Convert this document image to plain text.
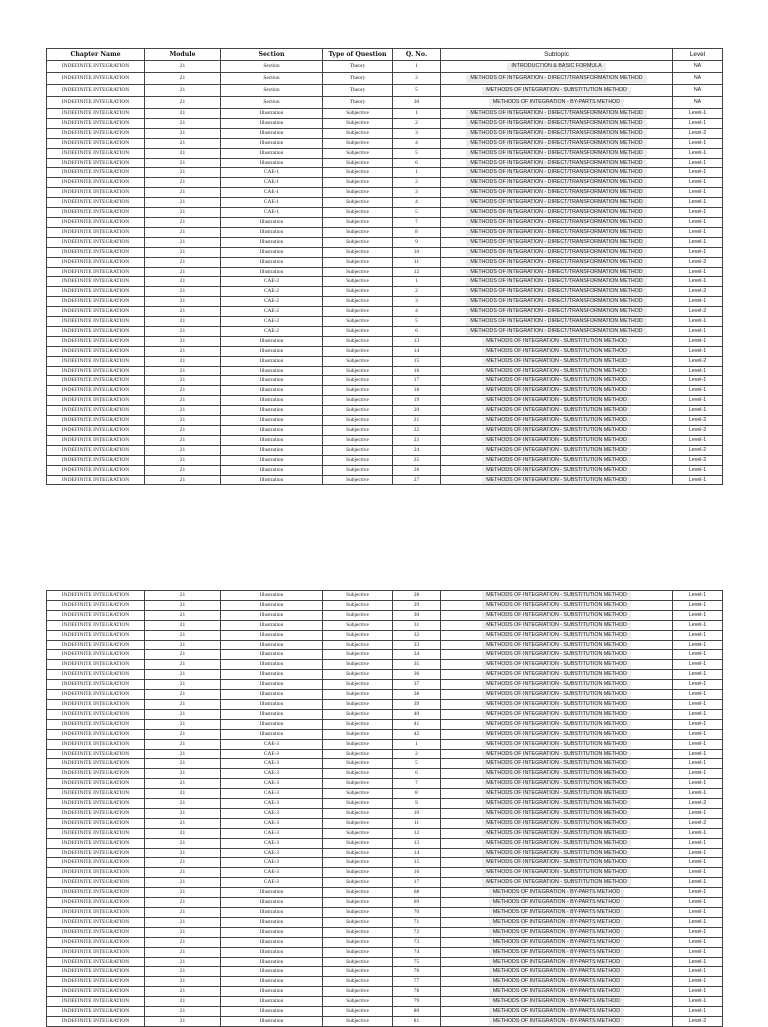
Chapter Name	Module	Section	Type of Question	Q. No.	Subtopic	Level
INDEFINITE INTEGRATION	21	Section	Theory	1	INTRODUCTION & BASIC FORMULA	NA
INDEFINITE INTEGRATION	21	Section	Theory	2	METHODS OF INTEGRATION - DIRECT/TRANSFORMATION METHOD	NA
INDEFINITE INTEGRATION	21	Section	Theory	5	METHODS OF INTEGRATION - SUBSTITUTION METHOD	NA
INDEFINITE INTEGRATION	21	Section	Theory	30	METHODS OF INTEGRATION - BY-PARTS METHOD	NA
INDEFINITE INTEGRATION	21	Illustration	Subjective	1	METHODS OF INTEGRATION - DIRECT/TRANSFORMATION METHOD	Level-1
INDEFINITE INTEGRATION	21	Illustration	Subjective	2	METHODS OF INTEGRATION - DIRECT/TRANSFORMATION METHOD	Level-1
INDEFINITE INTEGRATION	21	Illustration	Subjective	3	METHODS OF INTEGRATION - DIRECT/TRANSFORMATION METHOD	Level-2
INDEFINITE INTEGRATION	21	Illustration	Subjective	4	METHODS OF INTEGRATION - DIRECT/TRANSFORMATION METHOD	Level-1
INDEFINITE INTEGRATION	21	Illustration	Subjective	5	METHODS OF INTEGRATION - DIRECT/TRANSFORMATION METHOD	Level-1
INDEFINITE INTEGRATION	21	Illustration	Subjective	6	METHODS OF INTEGRATION - DIRECT/TRANSFORMATION METHOD	Level-1
INDEFINITE INTEGRATION	21	CAE-1	Subjective	1	METHODS OF INTEGRATION - DIRECT/TRANSFORMATION METHOD	Level-1
INDEFINITE INTEGRATION	21	CAE-1	Subjective	2	METHODS OF INTEGRATION - DIRECT/TRANSFORMATION METHOD	Level-1
INDEFINITE INTEGRATION	21	CAE-1	Subjective	3	METHODS OF INTEGRATION - DIRECT/TRANSFORMATION METHOD	Level-1
INDEFINITE INTEGRATION	21	CAE-1	Subjective	4	METHODS OF INTEGRATION - DIRECT/TRANSFORMATION METHOD	Level-1
INDEFINITE INTEGRATION	21	CAE-1	Subjective	5	METHODS OF INTEGRATION - DIRECT/TRANSFORMATION METHOD	Level-1
INDEFINITE INTEGRATION	21	Illustration	Subjective	7	METHODS OF INTEGRATION - DIRECT/TRANSFORMATION METHOD	Level-1
INDEFINITE INTEGRATION	21	Illustration	Subjective	8	METHODS OF INTEGRATION - DIRECT/TRANSFORMATION METHOD	Level-1
INDEFINITE INTEGRATION	21	Illustration	Subjective	9	METHODS OF INTEGRATION - DIRECT/TRANSFORMATION METHOD	Level-1
INDEFINITE INTEGRATION	21	Illustration	Subjective	10	METHODS OF INTEGRATION - DIRECT/TRANSFORMATION METHOD	Level-1
INDEFINITE INTEGRATION	21	Illustration	Subjective	11	METHODS OF INTEGRATION - DIRECT/TRANSFORMATION METHOD	Level-2
INDEFINITE INTEGRATION	21	Illustration	Subjective	12	METHODS OF INTEGRATION - DIRECT/TRANSFORMATION METHOD	Level-1
INDEFINITE INTEGRATION	21	CAE-2	Subjective	1	METHODS OF INTEGRATION - DIRECT/TRANSFORMATION METHOD	Level-1
INDEFINITE INTEGRATION	21	CAE-2	Subjective	2	METHODS OF INTEGRATION - DIRECT/TRANSFORMATION METHOD	Level-2
INDEFINITE INTEGRATION	21	CAE-2	Subjective	3	METHODS OF INTEGRATION - DIRECT/TRANSFORMATION METHOD	Level-1
INDEFINITE INTEGRATION	21	CAE-2	Subjective	4	METHODS OF INTEGRATION - DIRECT/TRANSFORMATION METHOD	Level-2
INDEFINITE INTEGRATION	21	CAE-2	Subjective	5	METHODS OF INTEGRATION - DIRECT/TRANSFORMATION METHOD	Level-1
INDEFINITE INTEGRATION	21	CAE-2	Subjective	6	METHODS OF INTEGRATION - DIRECT/TRANSFORMATION METHOD	Level-1
INDEFINITE INTEGRATION	21	Illustration	Subjective	13	METHODS OF INTEGRATION - SUBSTITUTION METHOD	Level-1
INDEFINITE INTEGRATION	21	Illustration	Subjective	14	METHODS OF INTEGRATION - SUBSTITUTION METHOD	Level-1
INDEFINITE INTEGRATION	21	Illustration	Subjective	15	METHODS OF INTEGRATION - SUBSTITUTION METHOD	Level-2
INDEFINITE INTEGRATION	21	Illustration	Subjective	16	METHODS OF INTEGRATION - SUBSTITUTION METHOD	Level-1
INDEFINITE INTEGRATION	21	Illustration	Subjective	17	METHODS OF INTEGRATION - SUBSTITUTION METHOD	Level-1
INDEFINITE INTEGRATION	21	Illustration	Subjective	18	METHODS OF INTEGRATION - SUBSTITUTION METHOD	Level-1
INDEFINITE INTEGRATION	21	Illustration	Subjective	19	METHODS OF INTEGRATION - SUBSTITUTION METHOD	Level-1
INDEFINITE INTEGRATION	21	Illustration	Subjective	20	METHODS OF INTEGRATION - SUBSTITUTION METHOD	Level-1
INDEFINITE INTEGRATION	21	Illustration	Subjective	21	METHODS OF INTEGRATION - SUBSTITUTION METHOD	Level-2
INDEFINITE INTEGRATION	21	Illustration	Subjective	22	METHODS OF INTEGRATION - SUBSTITUTION METHOD	Level-2
INDEFINITE INTEGRATION	21	Illustration	Subjective	23	METHODS OF INTEGRATION - SUBSTITUTION METHOD	Level-1
INDEFINITE INTEGRATION	21	Illustration	Subjective	24	METHODS OF INTEGRATION - SUBSTITUTION METHOD	Level-2
INDEFINITE INTEGRATION	21	Illustration	Subjective	25	METHODS OF INTEGRATION - SUBSTITUTION METHOD	Level-2
INDEFINITE INTEGRATION	21	Illustration	Subjective	26	METHODS OF INTEGRATION - SUBSTITUTION METHOD	Level-1
INDEFINITE INTEGRATION	21	Illustration	Subjective	27	METHODS OF INTEGRATION - SUBSTITUTION METHOD	Level-1
INDEFINITE INTEGRATION	21	Illustration	Subjective	28	METHODS OF INTEGRATION - SUBSTITUTION METHOD	Level-1
INDEFINITE INTEGRATION	21	Illustration	Subjective	29	METHODS OF INTEGRATION - SUBSTITUTION METHOD	Level-1
INDEFINITE INTEGRATION	21	Illustration	Subjective	30	METHODS OF INTEGRATION - SUBSTITUTION METHOD	Level-1
INDEFINITE INTEGRATION	21	Illustration	Subjective	31	METHODS OF INTEGRATION - SUBSTITUTION METHOD	Level-1
INDEFINITE INTEGRATION	21	Illustration	Subjective	32	METHODS OF INTEGRATION - SUBSTITUTION METHOD	Level-1
INDEFINITE INTEGRATION	21	Illustration	Subjective	33	METHODS OF INTEGRATION - SUBSTITUTION METHOD	Level-1
INDEFINITE INTEGRATION	21	Illustration	Subjective	34	METHODS OF INTEGRATION - SUBSTITUTION METHOD	Level-1
INDEFINITE INTEGRATION	21	Illustration	Subjective	35	METHODS OF INTEGRATION - SUBSTITUTION METHOD	Level-1
INDEFINITE INTEGRATION	21	Illustration	Subjective	36	METHODS OF INTEGRATION - SUBSTITUTION METHOD	Level-1
INDEFINITE INTEGRATION	21	Illustration	Subjective	37	METHODS OF INTEGRATION - SUBSTITUTION METHOD	Level-1
INDEFINITE INTEGRATION	21	Illustration	Subjective	38	METHODS OF INTEGRATION - SUBSTITUTION METHOD	Level-1
INDEFINITE INTEGRATION	21	Illustration	Subjective	39	METHODS OF INTEGRATION - SUBSTITUTION METHOD	Level-1
INDEFINITE INTEGRATION	21	Illustration	Subjective	40	METHODS OF INTEGRATION - SUBSTITUTION METHOD	Level-1
INDEFINITE INTEGRATION	21	Illustration	Subjective	41	METHODS OF INTEGRATION - SUBSTITUTION METHOD	Level-1
INDEFINITE INTEGRATION	21	Illustration	Subjective	42	METHODS OF INTEGRATION - SUBSTITUTION METHOD	Level-1
INDEFINITE INTEGRATION	21	CAE-3	Subjective	1	METHODS OF INTEGRATION - SUBSTITUTION METHOD	Level-1
INDEFINITE INTEGRATION	21	CAE-3	Subjective	2	METHODS OF INTEGRATION - SUBSTITUTION METHOD	Level-1
INDEFINITE INTEGRATION	21	CAE-3	Subjective	5	METHODS OF INTEGRATION - SUBSTITUTION METHOD	Level-1
INDEFINITE INTEGRATION	21	CAE-3	Subjective	6	METHODS OF INTEGRATION - SUBSTITUTION METHOD	Level-1
INDEFINITE INTEGRATION	21	CAE-3	Subjective	7	METHODS OF INTEGRATION - SUBSTITUTION METHOD	Level-1
INDEFINITE INTEGRATION	21	CAE-3	Subjective	8	METHODS OF INTEGRATION - SUBSTITUTION METHOD	Level-1
INDEFINITE INTEGRATION	21	CAE-3	Subjective	9	METHODS OF INTEGRATION - SUBSTITUTION METHOD	Level-2
INDEFINITE INTEGRATION	21	CAE-3	Subjective	10	METHODS OF INTEGRATION - SUBSTITUTION METHOD	Level-1
INDEFINITE INTEGRATION	21	CAE-3	Subjective	11	METHODS OF INTEGRATION - SUBSTITUTION METHOD	Level-2
INDEFINITE INTEGRATION	21	CAE-3	Subjective	12	METHODS OF INTEGRATION - SUBSTITUTION METHOD	Level-1
INDEFINITE INTEGRATION	21	CAE-3	Subjective	13	METHODS OF INTEGRATION - SUBSTITUTION METHOD	Level-1
INDEFINITE INTEGRATION	21	CAE-3	Subjective	14	METHODS OF INTEGRATION - SUBSTITUTION METHOD	Level-1
INDEFINITE INTEGRATION	21	CAE-3	Subjective	15	METHODS OF INTEGRATION - SUBSTITUTION METHOD	Level-1
INDEFINITE INTEGRATION	21	CAE-3	Subjective	16	METHODS OF INTEGRATION - SUBSTITUTION METHOD	Level-1
INDEFINITE INTEGRATION	21	CAE-3	Subjective	17	METHODS OF INTEGRATION - SUBSTITUTION METHOD	Level-1
INDEFINITE INTEGRATION	21	Illustration	Subjective	68	METHODS OF INTEGRATION - BY-PARTS METHOD	Level-1
INDEFINITE INTEGRATION	21	Illustration	Subjective	69	METHODS OF INTEGRATION - BY-PARTS METHOD	Level-1
INDEFINITE INTEGRATION	21	Illustration	Subjective	70	METHODS OF INTEGRATION - BY-PARTS METHOD	Level-1
INDEFINITE INTEGRATION	21	Illustration	Subjective	71	METHODS OF INTEGRATION - BY-PARTS METHOD	Level-1
INDEFINITE INTEGRATION	21	Illustration	Subjective	72	METHODS OF INTEGRATION - BY-PARTS METHOD	Level-1
INDEFINITE INTEGRATION	21	Illustration	Subjective	73	METHODS OF INTEGRATION - BY-PARTS METHOD	Level-1
INDEFINITE INTEGRATION	21	Illustration	Subjective	74	METHODS OF INTEGRATION - BY-PARTS METHOD	Level-1
INDEFINITE INTEGRATION	21	Illustration	Subjective	75	METHODS OF INTEGRATION - BY-PARTS METHOD	Level-1
INDEFINITE INTEGRATION	21	Illustration	Subjective	76	METHODS OF INTEGRATION - BY-PARTS METHOD	Level-1
INDEFINITE INTEGRATION	21	Illustration	Subjective	77	METHODS OF INTEGRATION - BY-PARTS METHOD	Level-1
INDEFINITE INTEGRATION	21	Illustration	Subjective	78	METHODS OF INTEGRATION - BY-PARTS METHOD	Level-1
INDEFINITE INTEGRATION	21	Illustration	Subjective	79	METHODS OF INTEGRATION - BY-PARTS METHOD	Level-1
INDEFINITE INTEGRATION	21	Illustration	Subjective	80	METHODS OF INTEGRATION - BY-PARTS METHOD	Level-1
INDEFINITE INTEGRATION	21	Illustration	Subjective	81	METHODS OF INTEGRATION - BY-PARTS METHOD	Level-2
